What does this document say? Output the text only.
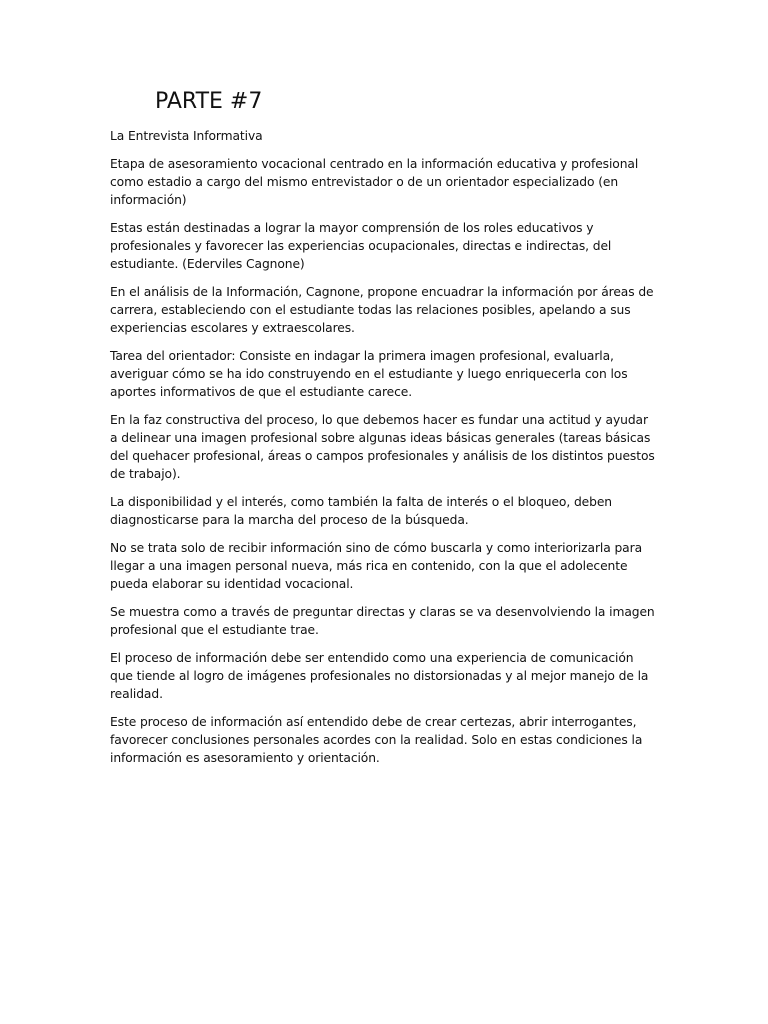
PARTE #7

La Entrevista Informativa

Etapa de asesoramiento vocacional centrado en la información educativa y profesional como estadio a cargo del mismo entrevistador o de un orientador especializado (en información)

Estas están destinadas a lograr la mayor comprensión de los roles educativos y profesionales y favorecer las experiencias ocupacionales, directas e indirectas, del estudiante. (Ederviles Cagnone)

En el análisis de la Información, Cagnone, propone encuadrar la información por áreas de carrera, estableciendo con el estudiante todas las relaciones posibles, apelando a sus experiencias escolares y extraescolares.

Tarea del orientador: Consiste en indagar la primera imagen profesional, evaluarla, averiguar cómo se ha ido construyendo en el estudiante y luego enriquecerla con los aportes informativos de que el estudiante carece.

En la faz constructiva del proceso, lo que debemos hacer es fundar una actitud y ayudar a delinear una imagen profesional sobre algunas ideas básicas generales (tareas básicas del quehacer profesional, áreas o campos profesionales y análisis de los distintos puestos de trabajo).

La disponibilidad y el interés, como también la falta de interés o el bloqueo, deben diagnosticarse para la marcha del proceso de la búsqueda.

No se trata solo de recibir información sino de cómo buscarla y como interiorizarla para llegar a una imagen personal nueva, más rica en contenido, con la que el adolecente pueda elaborar su identidad vocacional.

Se muestra como a través de preguntar directas y claras se va desenvolviendo la imagen profesional que el estudiante trae.

El proceso de información debe ser entendido como una experiencia de comunicación que tiende al logro de imágenes profesionales no distorsionadas y al mejor manejo de la realidad.

Este proceso de información así entendido debe de crear certezas, abrir interrogantes, favorecer conclusiones personales acordes con la realidad. Solo en estas condiciones la información es asesoramiento y orientación.
